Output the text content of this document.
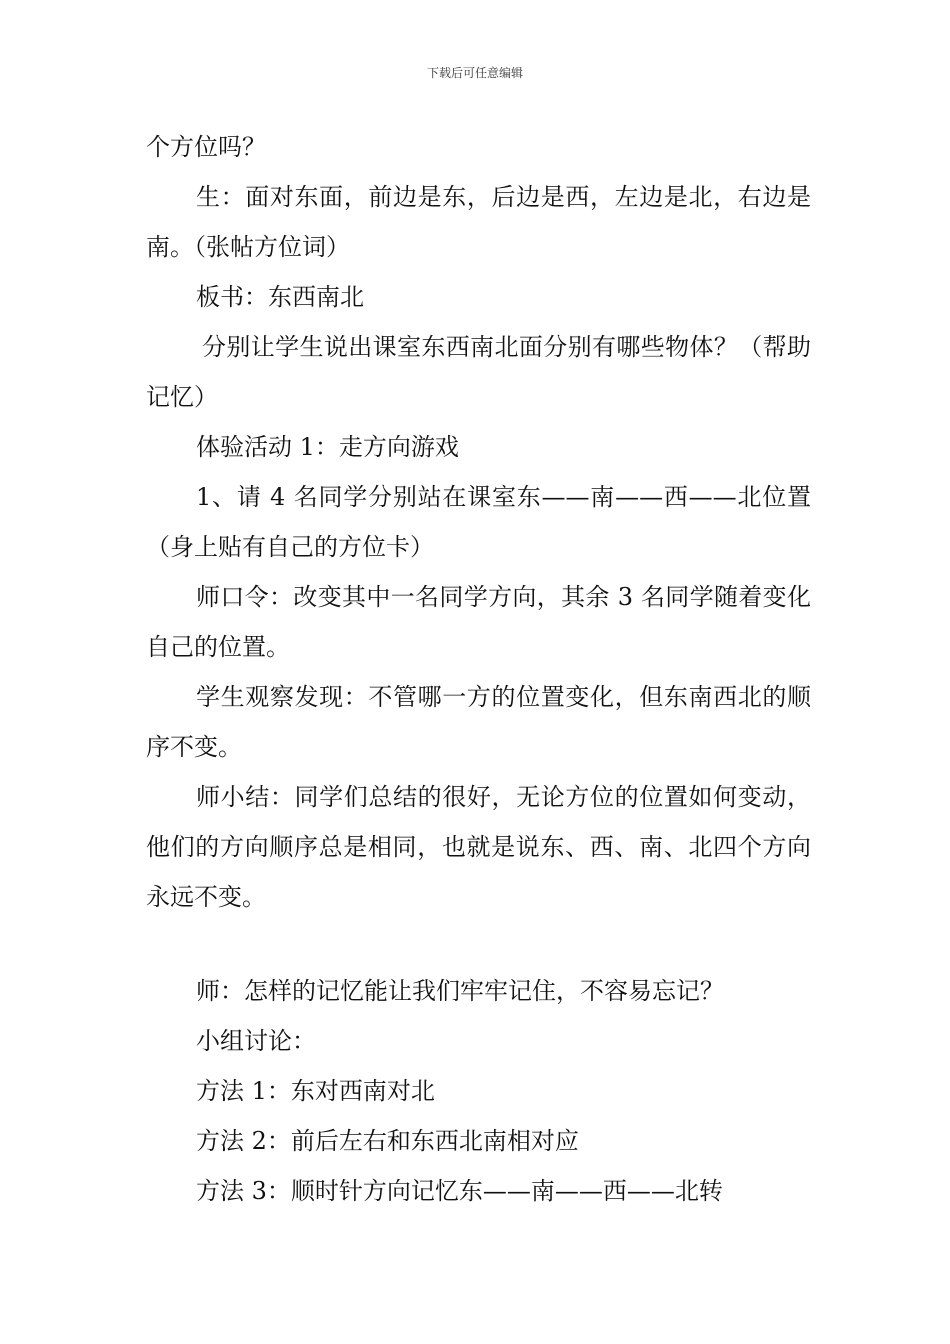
下载后可任意编辑

个方位吗？

生：面对东面，前边是东，后边是西，左边是北，右边是南。（张帖方位词）

板书：东西南北

分别让学生说出课室东西南北面分别有哪些物体？（帮助记忆）

体验活动 1：走方向游戏

1、请 4 名同学分别站在课室东——南——西——北位置（身上贴有自己的方位卡）

师口令：改变其中一名同学方向，其余 3 名同学随着变化自己的位置。

学生观察发现：不管哪一方的位置变化，但东南西北的顺序不变。

师小结：同学们总结的很好，无论方位的位置如何变动，他们的方向顺序总是相同，也就是说东、西、南、北四个方向永远不变。

师：怎样的记忆能让我们牢牢记住，不容易忘记？

小组讨论：

方法 1：东对西南对北

方法 2：前后左右和东西北南相对应

方法 3：顺时针方向记忆东——南——西——北转
